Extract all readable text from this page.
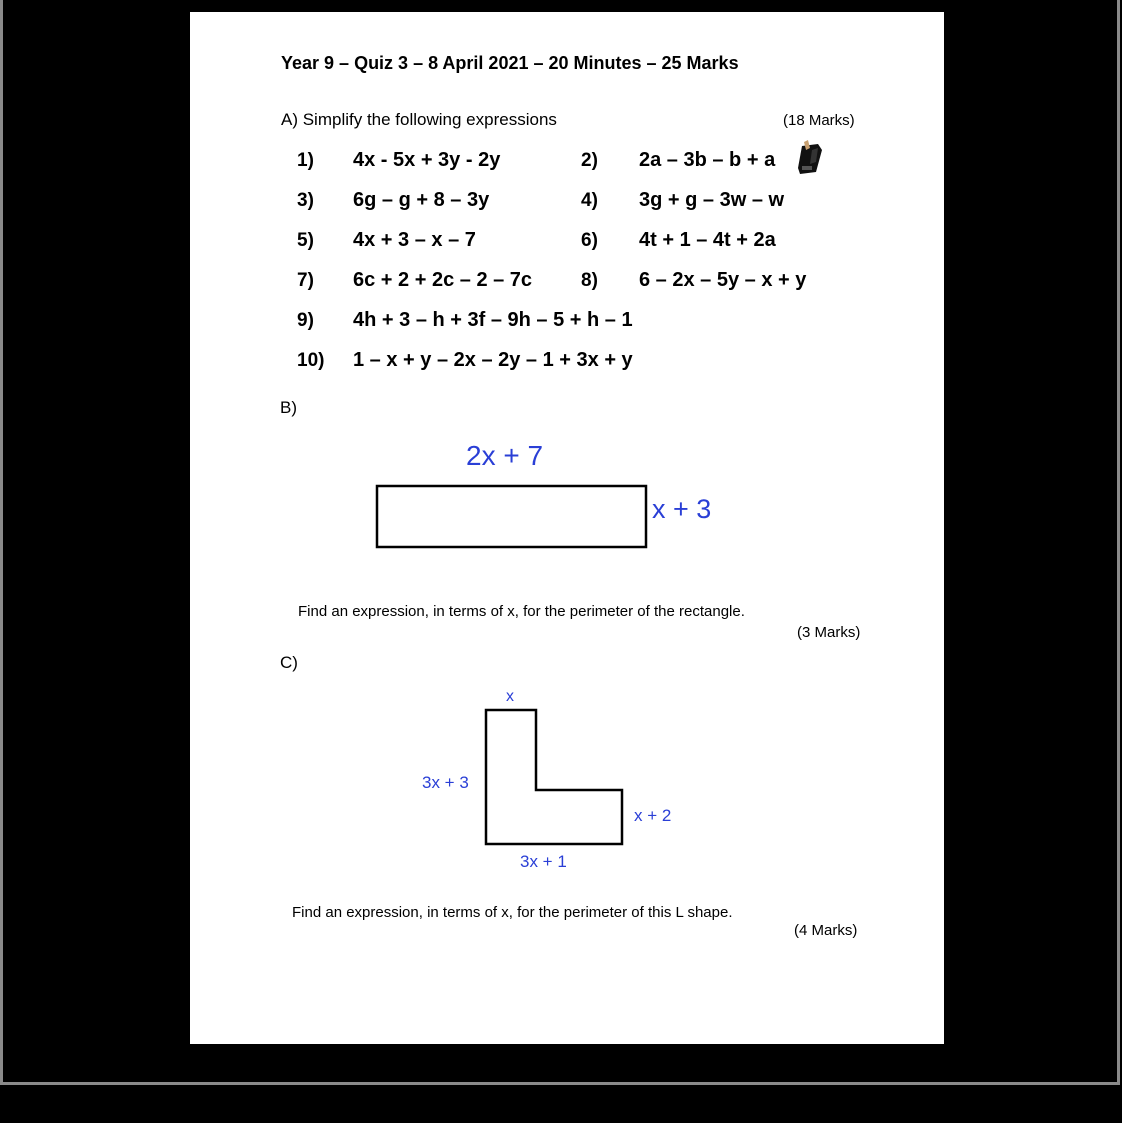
Year 9 – Quiz 3 – 8 April 2021 – 20 Minutes – 25 Marks
A) Simplify the following expressions	(18 Marks)
1) 4x - 5x + 3y - 2y	2) 2a – 3b – b + a
3) 6g – g + 8 – 3y	4) 3g + g – 3w – w
5) 4x + 3 – x – 7	6) 4t + 1 – 4t + 2a
7) 6c + 2 + 2c – 2 – 7c	8) 6 – 2x – 5y – x + y
9) 4h + 3 – h + 3f – 9h – 5 + h – 1
10) 1 – x + y – 2x – 2y – 1 + 3x + y
B)
2x + 7
x + 3
Find an expression, in terms of x, for the perimeter of the rectangle.
(3 Marks)
C)
x
3x + 3
x + 2
3x + 1
Find an expression, in terms of x, for the perimeter of this L shape.
(4 Marks)
